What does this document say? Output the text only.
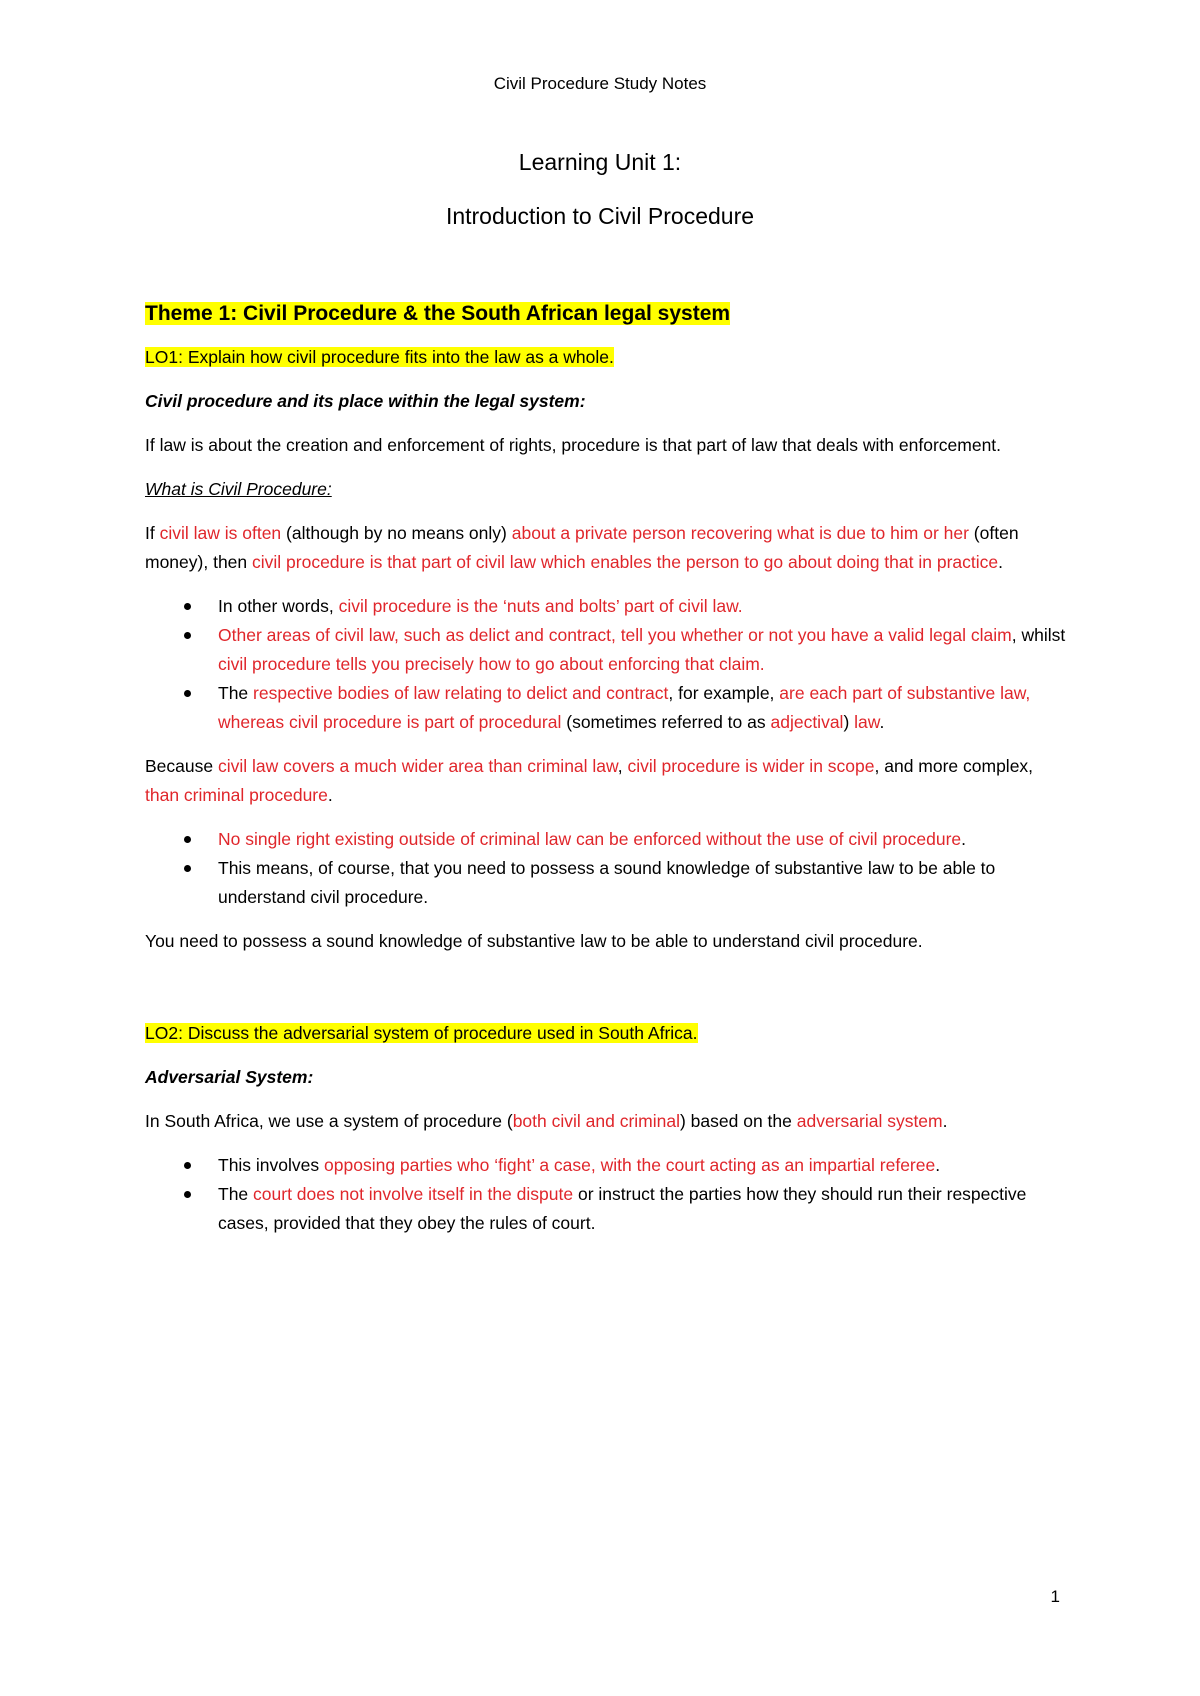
Civil Procedure Study Notes
Learning Unit 1:
Introduction to Civil Procedure

Theme 1: Civil Procedure & the South African legal system

LO1: Explain how civil procedure fits into the law as a whole.

Civil procedure and its place within the legal system:

If law is about the creation and enforcement of rights, procedure is that part of law that deals with enforcement.

What is Civil Procedure:

If civil law is often (although by no means only) about a private person recovering what is due to him or her (often money), then civil procedure is that part of civil law which enables the person to go about doing that in practice.

In other words, civil procedure is the ‘nuts and bolts’ part of civil law.
Other areas of civil law, such as delict and contract, tell you whether or not you have a valid legal claim, whilst civil procedure tells you precisely how to go about enforcing that claim.
The respective bodies of law relating to delict and contract, for example, are each part of substantive law, whereas civil procedure is part of procedural (sometimes referred to as adjectival) law.

Because civil law covers a much wider area than criminal law, civil procedure is wider in scope, and more complex, than criminal procedure.

No single right existing outside of criminal law can be enforced without the use of civil procedure.
This means, of course, that you need to possess a sound knowledge of substantive law to be able to understand civil procedure.

You need to possess a sound knowledge of substantive law to be able to understand civil procedure.

LO2: Discuss the adversarial system of procedure used in South Africa.

Adversarial System:

In South Africa, we use a system of procedure (both civil and criminal) based on the adversarial system.

This involves opposing parties who ‘fight’ a case, with the court acting as an impartial referee.
The court does not involve itself in the dispute or instruct the parties how they should run their respective cases, provided that they obey the rules of court.
1
